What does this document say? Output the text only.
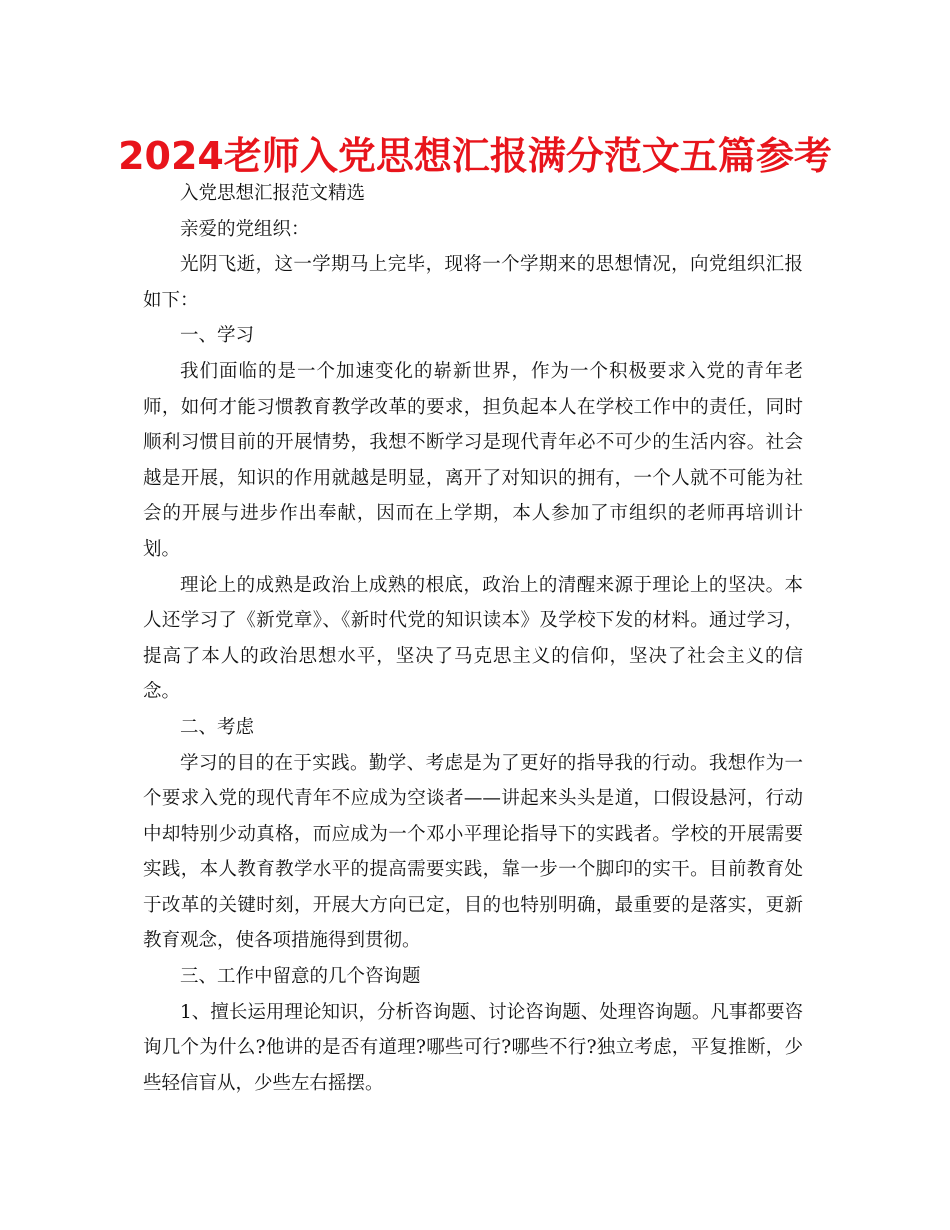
2024老师入党思想汇报满分范文五篇参考

入党思想汇报范文精选

亲爱的党组织：

光阴飞逝，这一学期马上完毕，现将一个学期来的思想情况，向党组织汇报如下：

一、学习

我们面临的是一个加速变化的崭新世界，作为一个积极要求入党的青年老师，如何才能习惯教育教学改革的要求，担负起本人在学校工作中的责任，同时顺利习惯目前的开展情势，我想不断学习是现代青年必不可少的生活内容。社会越是开展，知识的作用就越是明显，离开了对知识的拥有，一个人就不可能为社会的开展与进步作出奉献，因而在上学期，本人参加了市组织的老师再培训计划。

理论上的成熟是政治上成熟的根底，政治上的清醒来源于理论上的坚决。本人还学习了《新党章》、《新时代党的知识读本》及学校下发的材料。通过学习，提高了本人的政治思想水平，坚决了马克思主义的信仰，坚决了社会主义的信念。

二、考虑

学习的目的在于实践。勤学、考虑是为了更好的指导我的行动。我想作为一个要求入党的现代青年不应成为空谈者——讲起来头头是道，口假设悬河，行动中却特别少动真格，而应成为一个邓小平理论指导下的实践者。学校的开展需要实践，本人教育教学水平的提高需要实践，靠一步一个脚印的实干。目前教育处于改革的关键时刻，开展大方向已定，目的也特别明确，最重要的是落实，更新教育观念，使各项措施得到贯彻。

三、工作中留意的几个咨询题

1、擅长运用理论知识，分析咨询题、讨论咨询题、处理咨询题。凡事都要咨询几个为什么?他讲的是否有道理?哪些可行?哪些不行?独立考虑，平复推断，少些轻信盲从，少些左右摇摆。
